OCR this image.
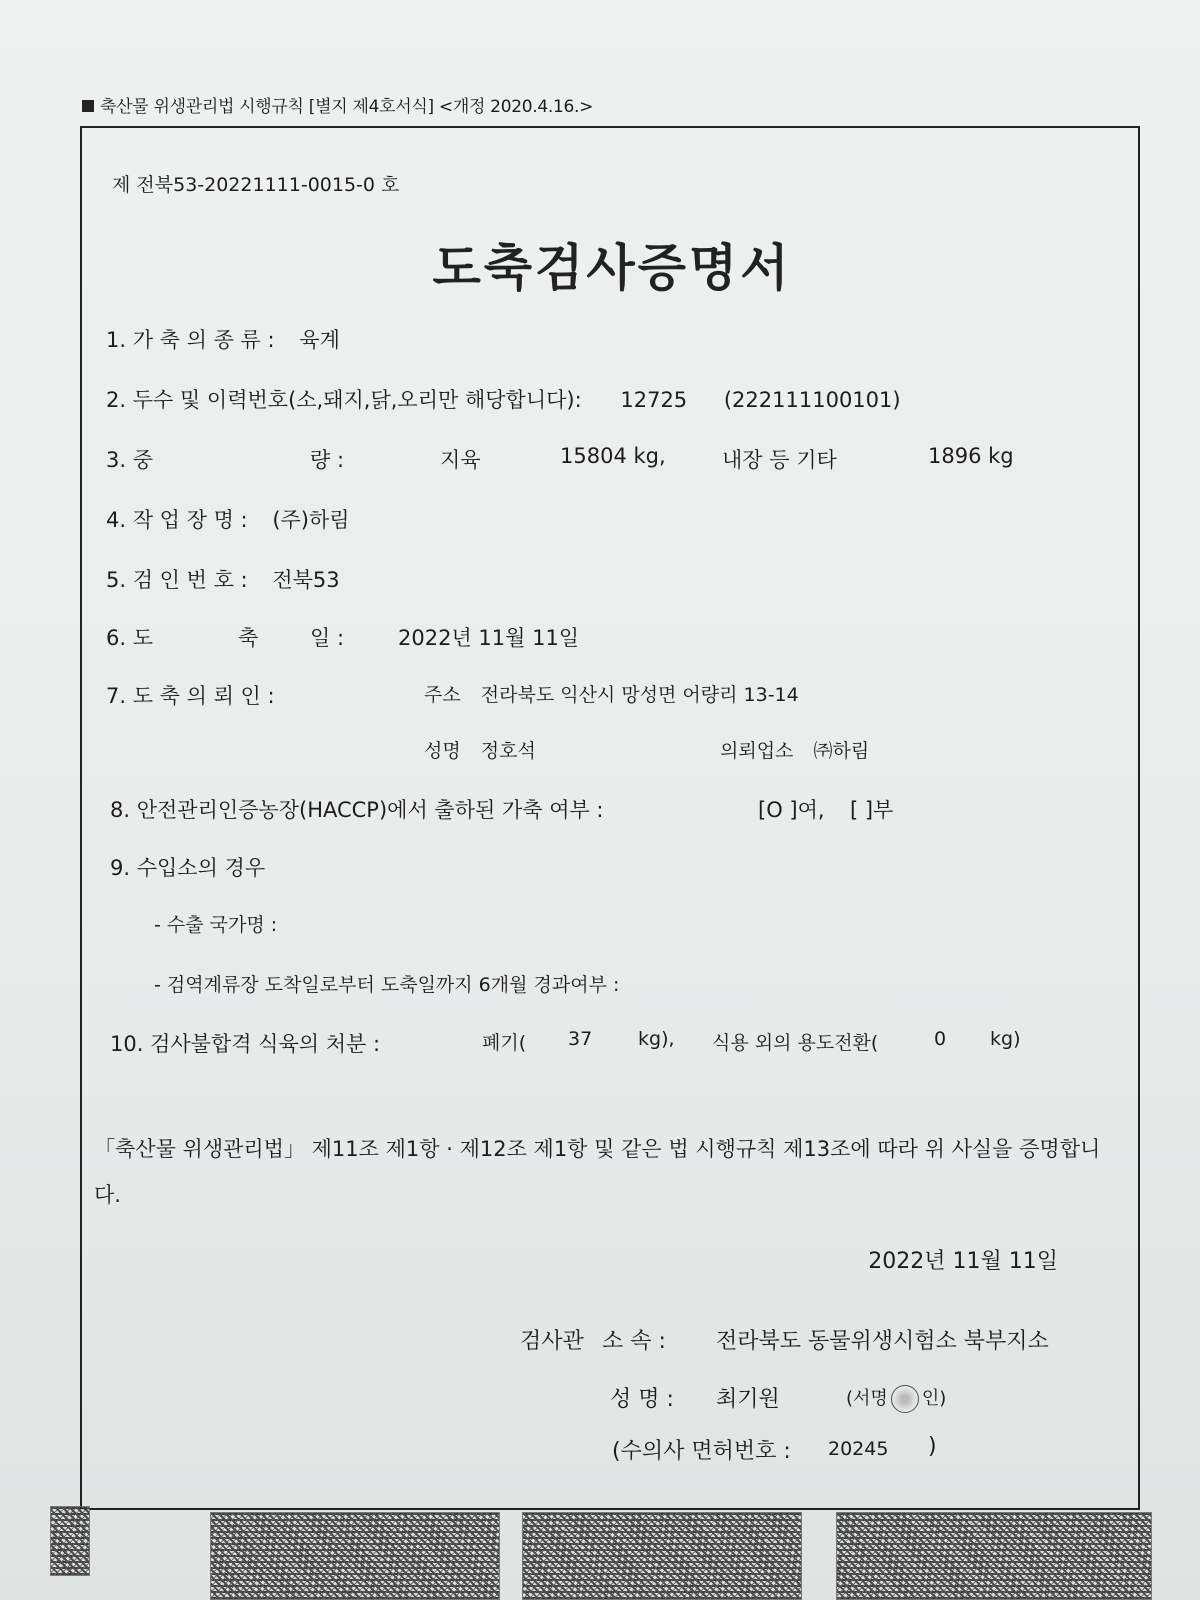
축산물 위생관리법 시행규칙 [별지 제4호서식] <개정 2020.4.16.>
제 전북53-20221111-0015-0 호
도축검사증명서
1. 가 축 의 종 류 : 육계
2. 두수 및 이력번호(소,돼지,닭,오리만 해당합니다): 12725 (222111100101)
3. 중	량 :	지육	15804 kg,	내장 등 기타	1896 kg
4. 작 업 장 명 : (주)하림
5. 검 인 번 호 : 전북53
6. 도	축 일 :	2022년 11월 11일
7. 도 축 의 뢰 인 :	주소 전라북도 익산시 망성면 어량리 13-14
성명 정호석	의뢰업소 ㈜하림
8. 안전관리인증농장(HACCP)에서 출하된 가축 여부 :	[O ]여, [ ]부
9. 수입소의 경우
- 수출 국가명 :
- 검역계류장 도착일로부터 도축일까지 6개월 경과여부 :
10. 검사불합격 식육의 처분 :	폐기( 37 kg), 식용 외의 용도전환(	0 kg)
「축산물 위생관리법」 제11조 제1항 · 제12조 제1항 및 같은 법 시행규칙 제13조에 따라 위 사실을 증명합니다.
2022년 11월 11일
검사관 소 속 : 전라북도 동물위생시험소 북부지소
성 명 : 최기원	(서명 인)
(수의사 면허번호 : 20245 )
